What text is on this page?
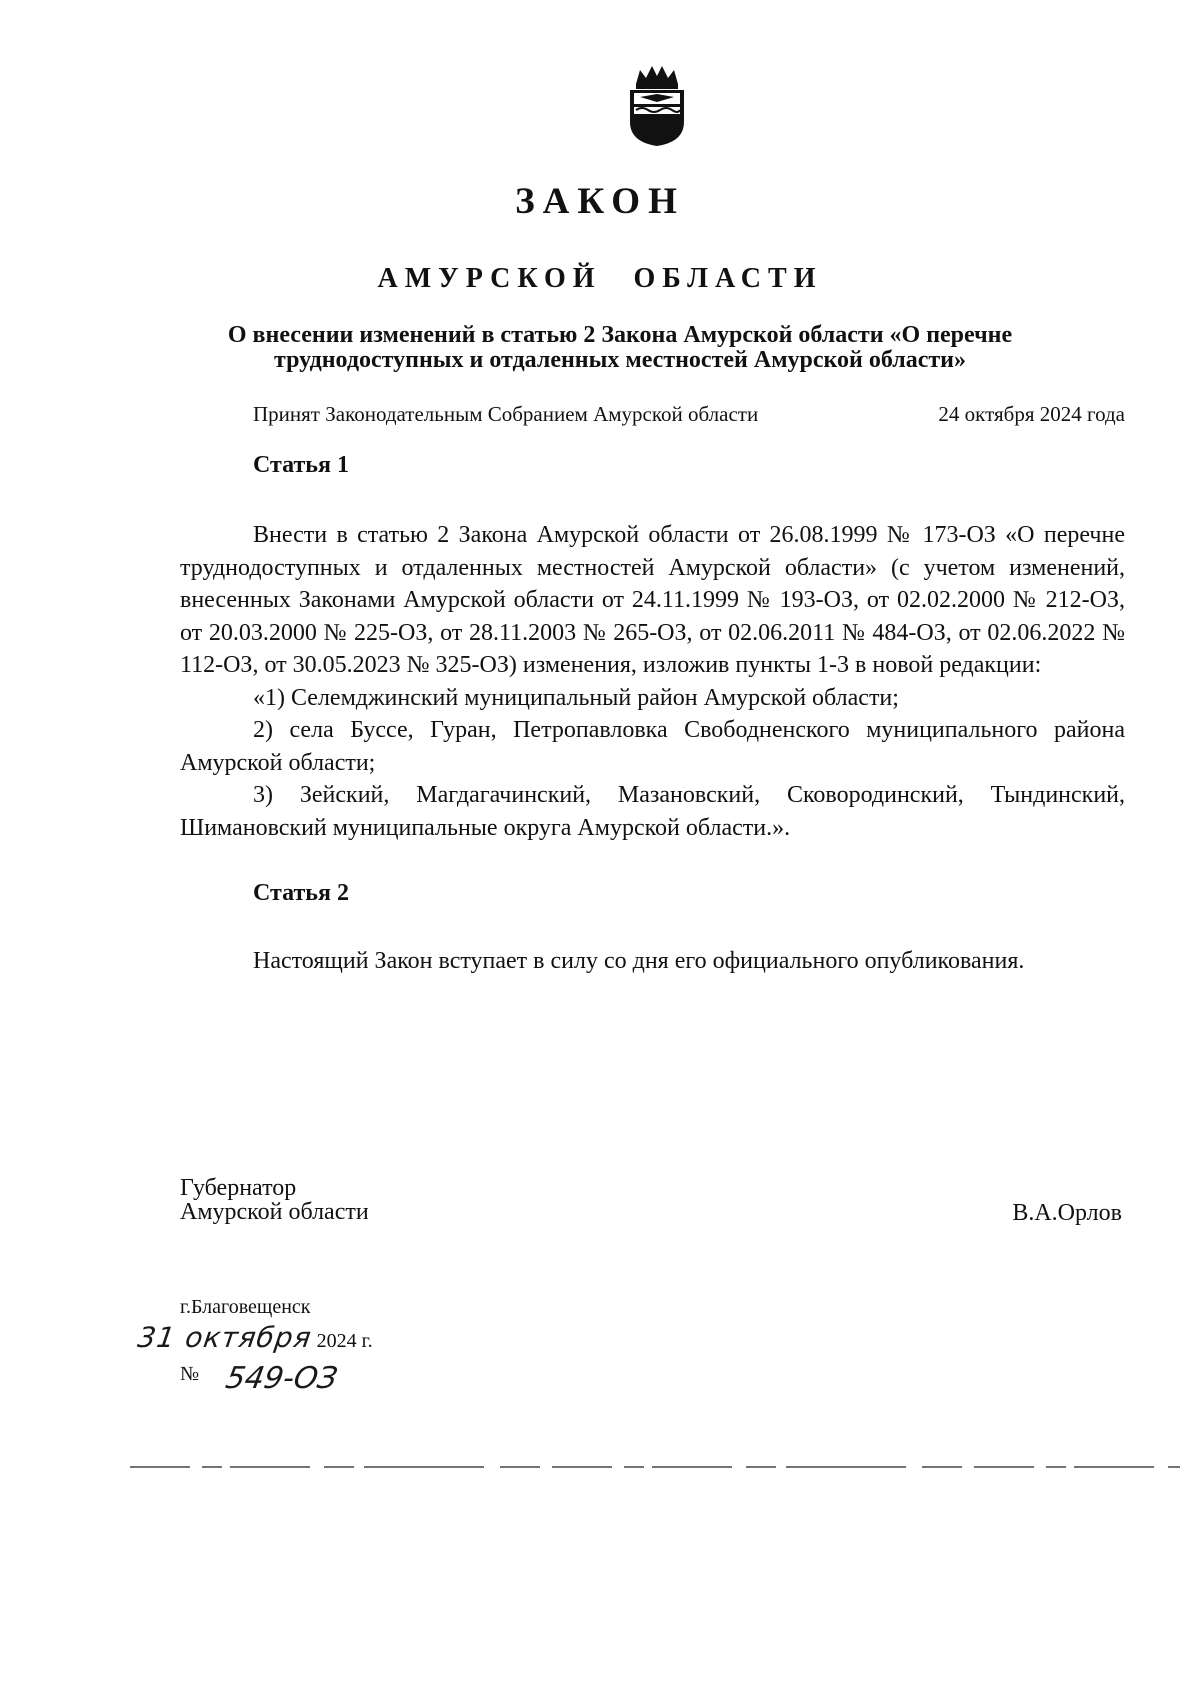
ЗАКОН
АМУРСКОЙ ОБЛАСТИ
О внесении изменений в статью 2 Закона Амурской области «О перечне труднодоступных и отдаленных местностей Амурской области»
Принят Законодательным Собранием Амурской области	24 октября 2024 года
Статья 1

Внести в статью 2 Закона Амурской области от 26.08.1999 № 173-ОЗ «О перечне труднодоступных и отдаленных местностей Амурской области» (с учетом изменений, внесенных Законами Амурской области от 24.11.1999 № 193-ОЗ, от 02.02.2000 № 212-ОЗ, от 20.03.2000 № 225-ОЗ, от 28.11.2003 № 265-ОЗ, от 02.06.2011 № 484-ОЗ, от 02.06.2022 № 112-ОЗ, от 30.05.2023 № 325-ОЗ) изменения, изложив пункты 1-3 в новой редакции:

«1) Селемджинский муниципальный район Амурской области;

2) села Буссе, Гуран, Петропавловка Свободненского муниципального района Амурской области;

3) Зейский, Магдагачинский, Мазановский, Сковородинский, Тындинский, Шимановский муниципальные округа Амурской области.».

Статья 2

Настоящий Закон вступает в силу со дня его официального опубликования.

Губернатор
Амурской области	В.А.Орлов
г.Благовещенск
31 октября 2024 г.
№ 549-ОЗ
